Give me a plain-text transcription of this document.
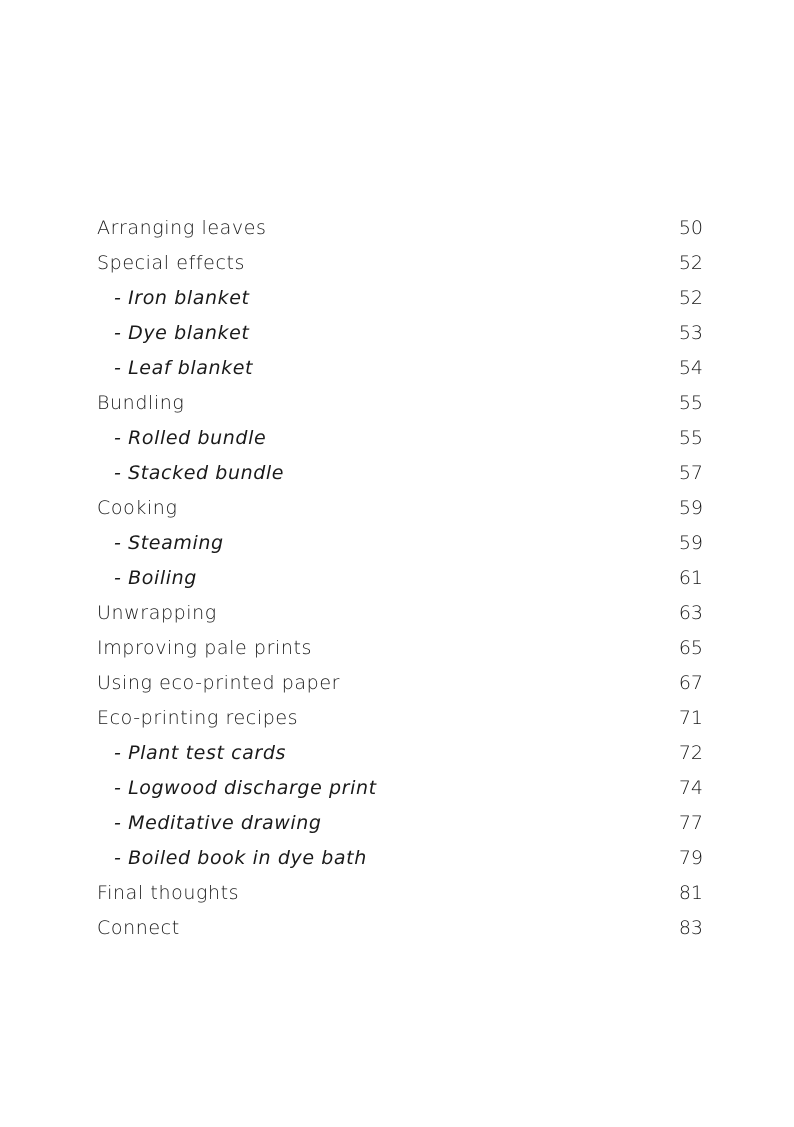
Arranging leaves	50
Special effects	52
- Iron blanket	52
- Dye blanket	53
- Leaf blanket	54
Bundling	55
- Rolled bundle	55
- Stacked bundle	57
Cooking	59
- Steaming	59
- Boiling	61
Unwrapping	63
Improving pale prints	65
Using eco-printed paper	67
Eco-printing recipes	71
- Plant test cards	72
- Logwood discharge print	74
- Meditative drawing	77
- Boiled book in dye bath	79
Final thoughts	81
Connect	83
